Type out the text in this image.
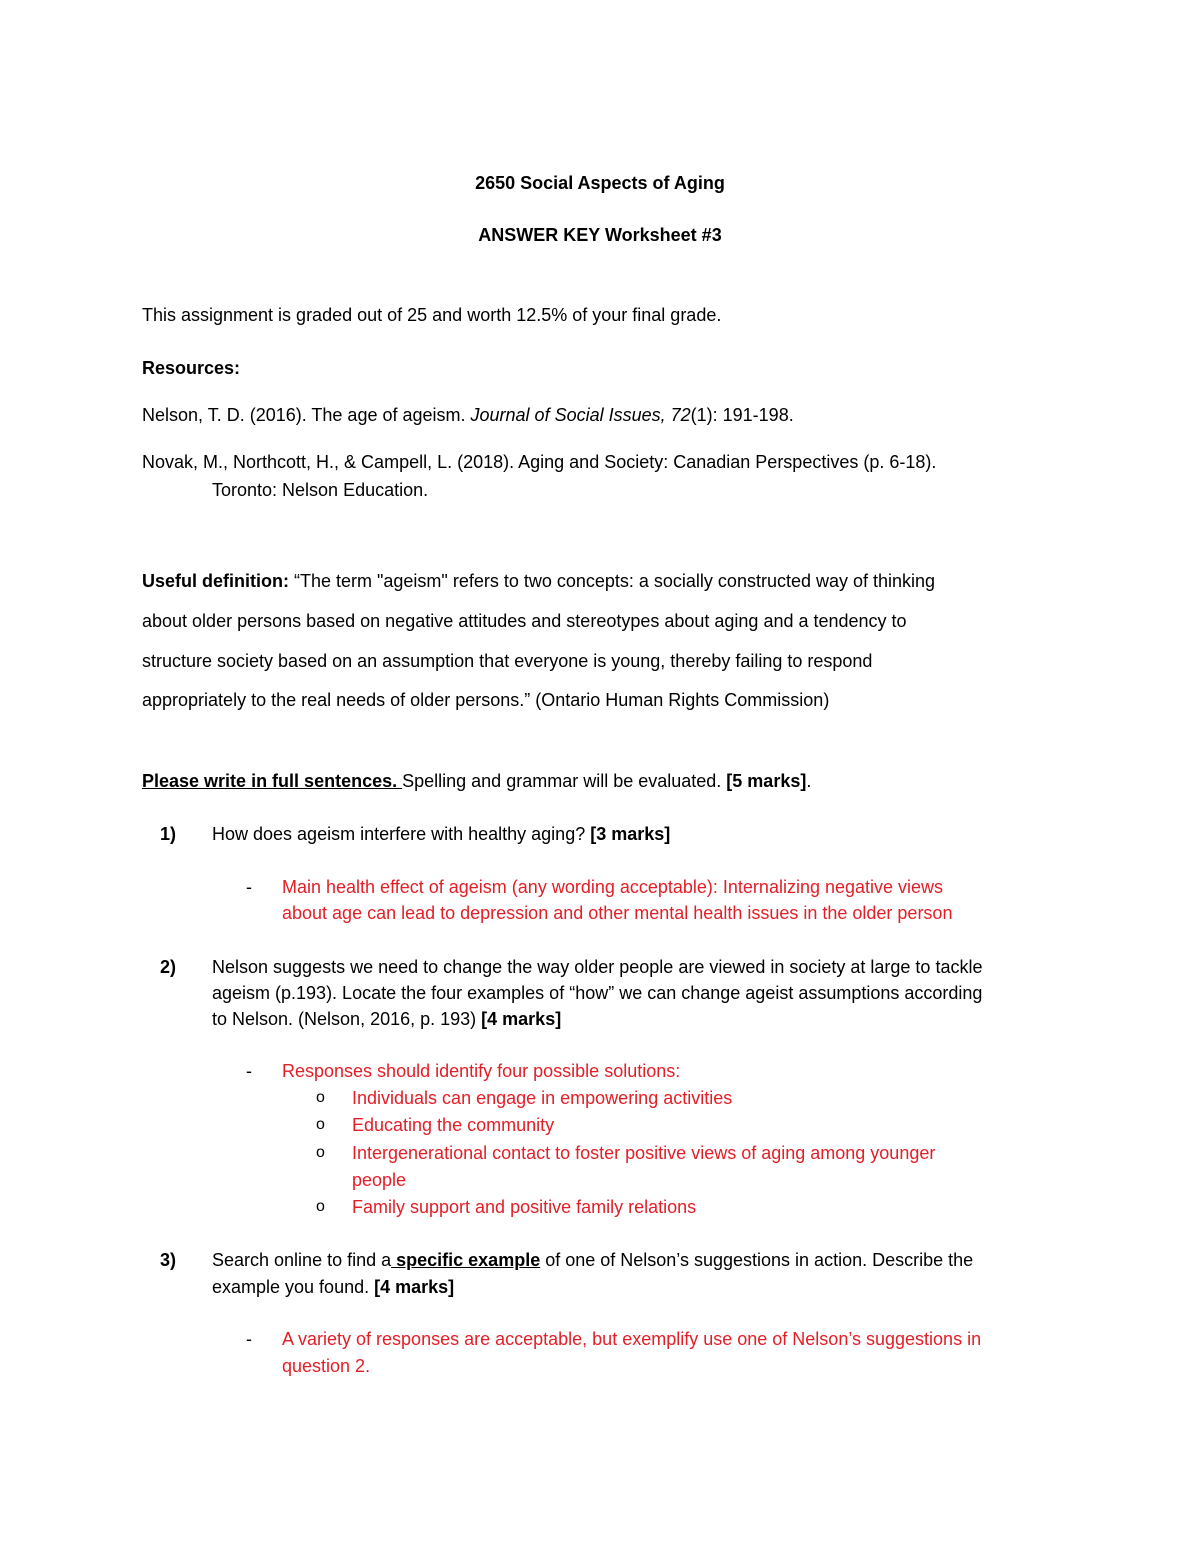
2650 Social Aspects of Aging
ANSWER KEY Worksheet #3
This assignment is graded out of 25 and worth 12.5% of your final grade.
Resources:
Nelson, T. D. (2016). The age of ageism. Journal of Social Issues, 72(1): 191-198.
Novak, M., Northcott, H., & Campell, L. (2018). Aging and Society: Canadian Perspectives (p. 6-18).
Toronto: Nelson Education.
Useful definition: “The term "ageism" refers to two concepts: a socially constructed way of thinking
about older persons based on negative attitudes and stereotypes about aging and a tendency to
structure society based on an assumption that everyone is young, thereby failing to respond
appropriately to the real needs of older persons.” (Ontario Human Rights Commission)
Please write in full sentences. Spelling and grammar will be evaluated. [5 marks].
1) How does ageism interfere with healthy aging? [3 marks]
- Main health effect of ageism (any wording acceptable): Internalizing negative views
about age can lead to depression and other mental health issues in the older person
2) Nelson suggests we need to change the way older people are viewed in society at large to tackle
ageism (p.193). Locate the four examples of “how” we can change ageist assumptions according
to Nelson. (Nelson, 2016, p. 193) [4 marks]
- Responses should identify four possible solutions:
o Individuals can engage in empowering activities
o Educating the community
o Intergenerational contact to foster positive views of aging among younger
people
o Family support and positive family relations
3) Search online to find a specific example of one of Nelson’s suggestions in action. Describe the
example you found. [4 marks]
- A variety of responses are acceptable, but exemplify use one of Nelson’s suggestions in
question 2.
